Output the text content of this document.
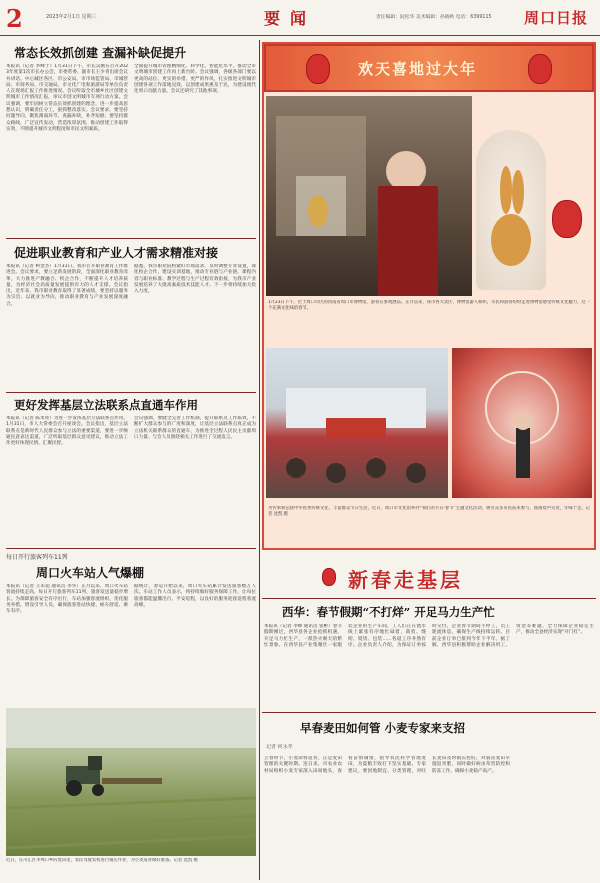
2	2023年2月1日 星期三	要闻	责任编辑：阮松华 美术编辑：孙晓秋 电话：6399115 周口日报
常态长效抓创建 查漏补缺促提升
本报讯（记者 李峰于）1月31日下午，市长吴刚在召开2023年度第1次市长办公会，市委常委、副市长王少青出席会议并讲话。中心城区各区、市公安局、市市场监管局、市城管局、市商务局、市交通局、市文化广电和旅游局等单位负责人在现场汇报工作推进情况。会议听取全市城乡社区创建文明城市工作情况汇报，审议市创文明城市专项行动方案。会议强调，要牢固树立常态长效抓创建的理念，进一步提高思想认识，明确责任分工，狠抓整改落实。会议要求，要坚持问题导向，聚焦薄弱环节，查漏补缺，补齐短板；要坚持群众路线，广泛宣传发动，营造浓厚氛围，推动创建工作取得实效，不断提升城市文明程度和市民文明素质。
全面提升城市管理精细化、科学化、智能化水平，推动全市文明城市创建工作再上新台阶。会议强调，各级各部门要以更高的站位、更实的举措、更严的作风，扎实推进文明城市创建各项工作落地见效，以创建成果惠及于民，为建设现代化周口贡献力量。会议还研究了其他事项。
促进职业教育和产业人才需求精准对接
本报讯（记者 柯金杰）1月31日，我市召开职业教育工作推进会。会议要求，要立足新发展阶段，全面深化职业教育改革，大力推进产教融合、校企合作，不断提升人才培养质量，为经济社会高质量发展提供有力的人才支撑。会议指出，近年来，我市职业教育取得了显著成绩，要坚持以服务为宗旨、以就业为导向，推动职业教育与产业发展深度融合。
据悉，我市职业院校紧盯市场需求，及时调整专业设置，深化校企合作，建设实训基地，推动专业链与产业链、课程内容与职业标准、教学过程与生产过程有效衔接，为我市产业发展培养了大批高素质技术技能人才。下一步将持续加大投入力度。
更好发挥基层立法联系点直通车作用
本报讯（记者 陈米亮）为进一步发挥基层立法联系点作用，1月31日，市人大常委会召开座谈会。会议指出，基层立法联系点是新时代人民群众参与立法的重要渠道，要进一步畅通民意表达渠道，广泛听取基层群众意见建议，推动立法工作更好体现民情、汇聚民智。
会议强调，要健全完善工作机制，提升联系点工作质效，不断扩大群众参与的广度和深度，让基层立法联系点真正成为立法机关联系群众的直通车，为推进全过程人民民主贡献周口力量。与会人员围绕相关工作进行了交流发言。
每日开行旅客列车11列
周口火车站人气爆棚
本报讯（记者 王永超 通讯员 李华）正月以来，周口火车站客流持续走高，每日开行旅客列车11列，旅客发送量稳步增长。为保障旅客安全有序出行，车站加强客流组织，优化服务举措，增设引导人员，确保旅客进站快捷、候车舒适、乘车有序。
据统计，春运开始以来，周口火车站累计发送旅客数万人次。车站工作人员表示，将持续做好服务保障工作，让每位旅客都能温馨出行、平安返程，以良好的服务迎接返程客流高峰。
近日，在川汇区李埠口乡的麦田里，农民驾驶农机进行镇压作业，为小麦返青做好准备。记者 沈凯 摄
欢天喜地过大年
1月23日下午，位于周口市区的河南省周口市博物馆，游客在参观展品。正月以来，我市各大景区、博物馆游人如织，市民和游客纷纷走进博物馆感受传统文化魅力，过一个充满文化味的春节。
为传承和弘扬中华优秀传统文化，丰富群众节日生活，近日，周口市文化馆举办“我们的节日·春节”主题文化活动，吸引众多市民前来参与，现场欢声笑语，年味十足。记者 沈凯 摄
新春走基层
西华：春节假期“不打烊” 开足马力生产忙
本报讯（记者 李峰 通讯员 张彬）春节假期刚过，西华县各企业抢抓机遇，开足马力忙生产，一派热火朝天的繁忙景象。在西华县产业集聚区一家服装企业的生产车间，工人们正在流水线上紧张有序地忙碌着，裁剪、缝纫、熨烫、包装……各道工序井然有序。企业负责人介绍，为保证订单按时交付，企业春节期间不停工，员工轮流休息，确保生产线持续运转。目前企业订单已排到今年下半年。据了解，西华县积极帮助企业解决用工、资金等难题，全力保障企业稳定生产，推动全县经济实现“开门红”。
早春麦田如何管 小麦专家来支招
记者 何永孝
立春时节，小麦即将返青，正是麦田管理的关键时期。连日来，市农业农村局组织小麦专家深入田间地头，查看苗情墒情，指导农民科学管理麦田，为夏粮丰收打下坚实基础。专家建议，要因地制宜、分类管理，对旺长麦田及时镇压控旺，对弱苗麦田早施返青肥，同时做好病虫草害防控和防冻工作，确保小麦稳产高产。
